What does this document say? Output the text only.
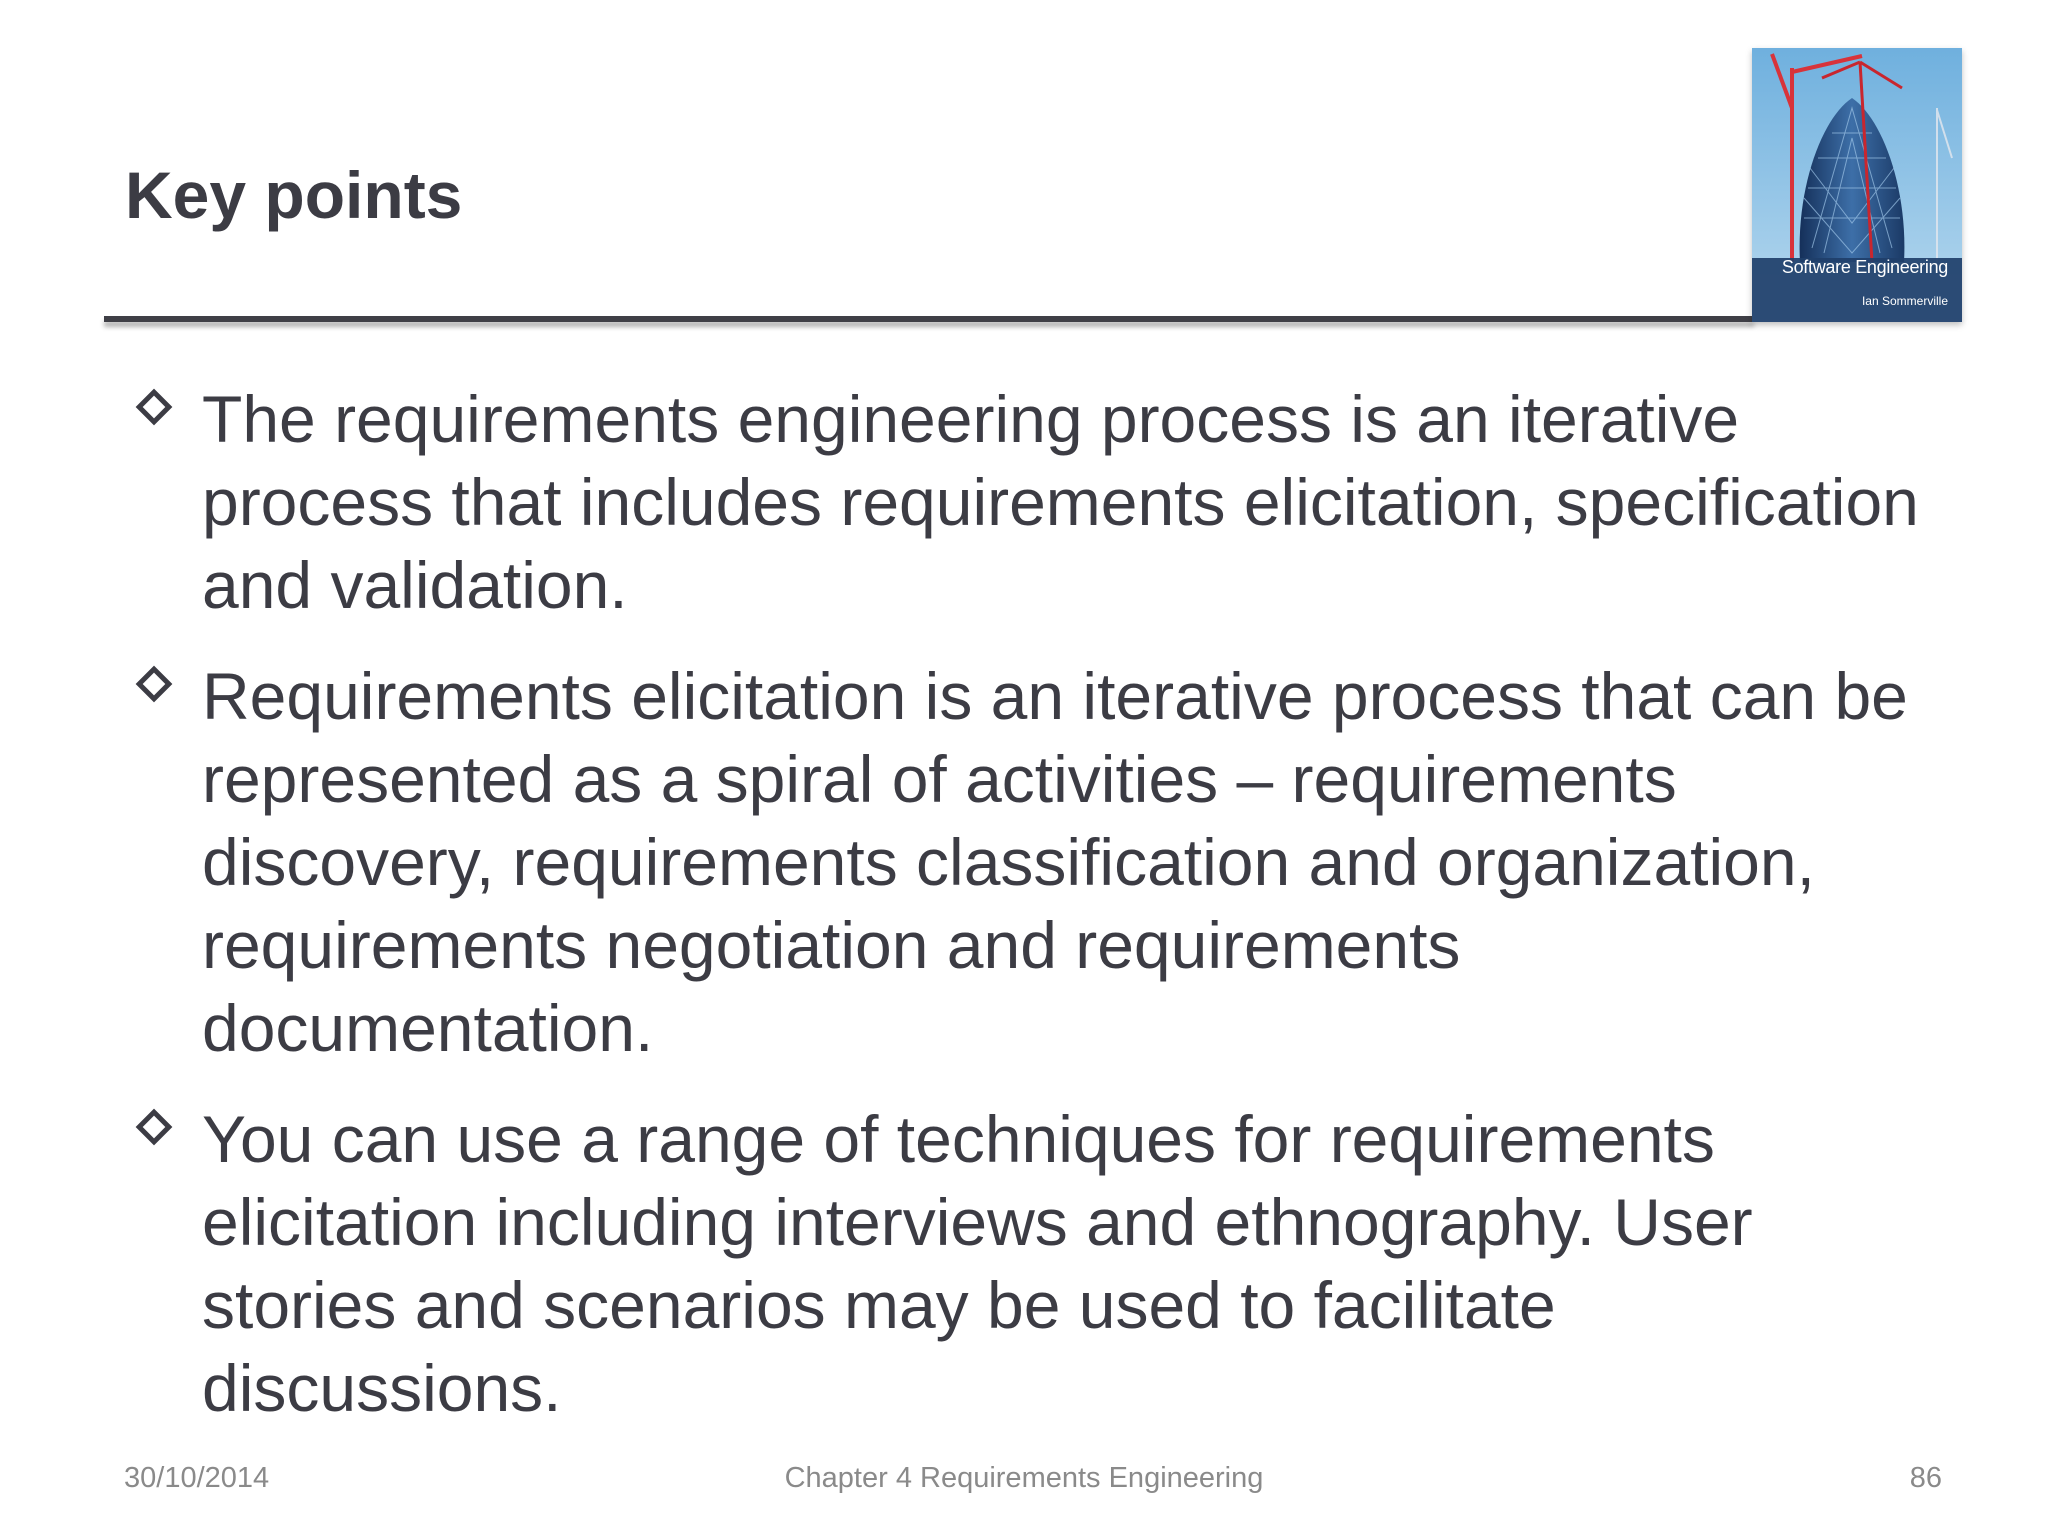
Key points
Software Engineering
Ian Sommerville
The requirements engineering process is an iterative process that includes requirements elicitation, specification and validation.
Requirements elicitation is an iterative process that can be represented as a spiral of activities – requirements discovery, requirements classification and organization, requirements negotiation and requirements documentation.
You can use a range of techniques for requirements elicitation including interviews and ethnography. User stories and scenarios may be used to facilitate discussions.
30/10/2014	Chapter 4 Requirements Engineering	86
